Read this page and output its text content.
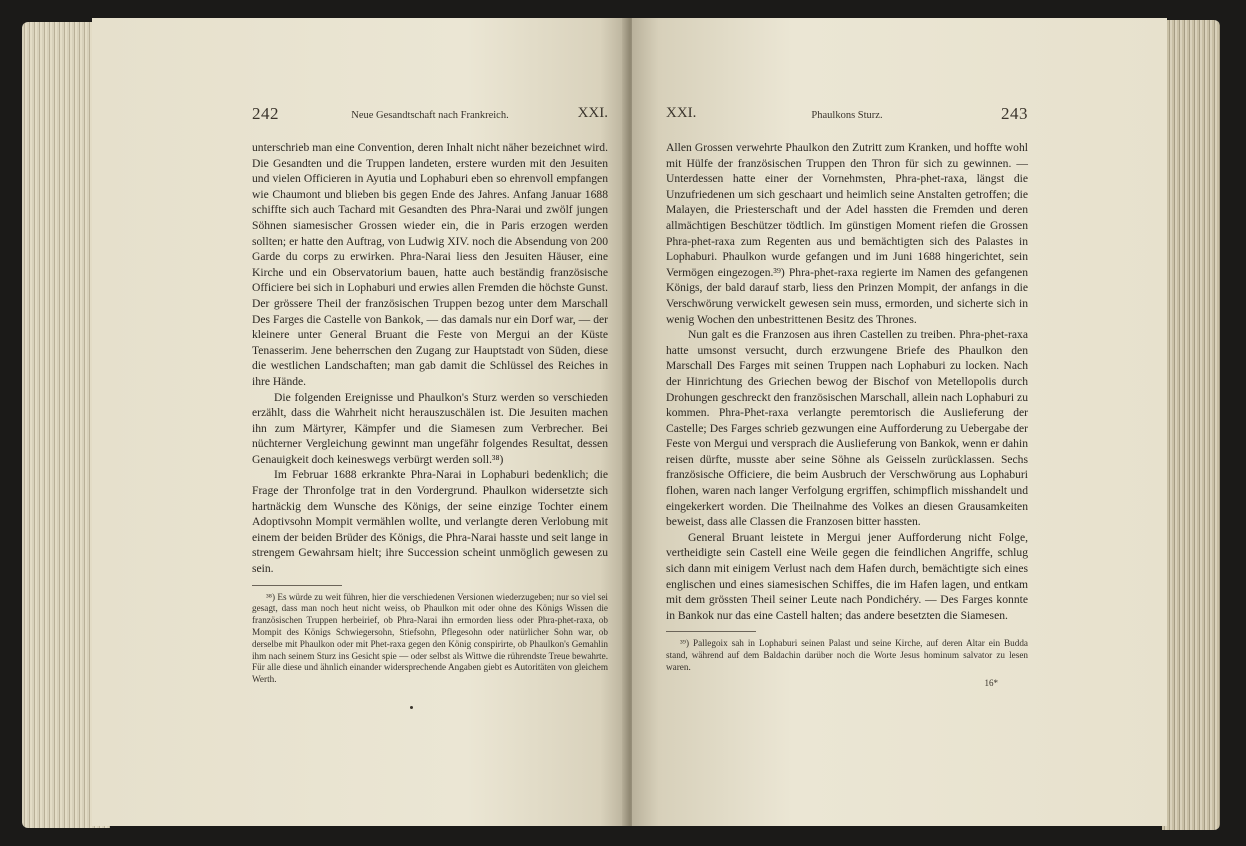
242	Neue Gesandtschaft nach Frankreich.	XXI.

unterschrieb man eine Convention, deren Inhalt nicht näher bezeichnet wird. Die Gesandten und die Truppen landeten, erstere wurden mit den Jesuiten und vielen Officieren in Ayutia und Lophaburi eben so ehrenvoll empfangen wie Chaumont und blieben bis gegen Ende des Jahres. Anfang Januar 1688 schiffte sich auch Tachard mit Gesandten des Phra-Narai und zwölf jungen Söhnen siamesischer Grossen wieder ein, die in Paris erzogen werden sollten; er hatte den Auftrag, von Ludwig XIV. noch die Absendung von 200 Garde du corps zu erwirken. Phra-Narai liess den Jesuiten Häuser, eine Kirche und ein Observatorium bauen, hatte auch beständig französische Officiere bei sich in Lophaburi und erwies allen Fremden die höchste Gunst. Der grössere Theil der französischen Truppen bezog unter dem Marschall Des Farges die Castelle von Bankok, — das damals nur ein Dorf war, — der kleinere unter General Bruant die Feste von Mergui an der Küste Tenasserim. Jene beherrschen den Zugang zur Hauptstadt von Süden, diese die westlichen Landschaften; man gab damit die Schlüssel des Reiches in ihre Hände.

Die folgenden Ereignisse und Phaulkon's Sturz werden so verschieden erzählt, dass die Wahrheit nicht herauszuschälen ist. Die Jesuiten machen ihn zum Märtyrer, Kämpfer und die Siamesen zum Verbrecher. Bei nüchterner Vergleichung gewinnt man ungefähr folgendes Resultat, dessen Genauigkeit doch keineswegs verbürgt werden soll.³⁸)

Im Februar 1688 erkrankte Phra-Narai in Lophaburi bedenklich; die Frage der Thronfolge trat in den Vordergrund. Phaulkon widersetzte sich hartnäckig dem Wunsche des Königs, der seine einzige Tochter einem Adoptivsohn Mompit vermählen wollte, und verlangte deren Verlobung mit einem der beiden Brüder des Königs, die Phra-Narai hasste und seit lange in strengem Gewahrsam hielt; ihre Succession scheint unmöglich gewesen zu sein.

³⁸) Es würde zu weit führen, hier die verschiedenen Versionen wiederzugeben; nur so viel sei gesagt, dass man noch heut nicht weiss, ob Phaulkon mit oder ohne des Königs Wissen die französischen Truppen herbeirief, ob Phra-Narai ihn ermorden liess oder Phra-phet-raxa, ob Mompit des Königs Schwiegersohn, Stiefsohn, Pflegesohn oder natürlicher Sohn war, ob derselbe mit Phaulkon oder mit Phet-raxa gegen den König conspirirte, ob Phaulkon's Gemahlin ihm nach seinem Sturz ins Gesicht spie — oder selbst als Wittwe die rührendste Treue bewahrte. Für alle diese und ähnlich einander widersprechende Angaben giebt es Autoritäten von gleichem Werth.

XXI.	Phaulkons Sturz.	243

Allen Grossen verwehrte Phaulkon den Zutritt zum Kranken, und hoffte wohl mit Hülfe der französischen Truppen den Thron für sich zu gewinnen. — Unterdessen hatte einer der Vornehmsten, Phra-phet-raxa, längst die Unzufriedenen um sich geschaart und heimlich seine Anstalten getroffen; die Malayen, die Priesterschaft und der Adel hassten die Fremden und deren allmächtigen Beschützer tödtlich. Im günstigen Moment riefen die Grossen Phra-phet-raxa zum Regenten aus und bemächtigten sich des Palastes in Lophaburi. Phaulkon wurde gefangen und im Juni 1688 hingerichtet, sein Vermögen eingezogen.³⁹) Phra-phet-raxa regierte im Namen des gefangenen Königs, der bald darauf starb, liess den Prinzen Mompit, der anfangs in die Verschwörung verwickelt gewesen sein muss, ermorden, und sicherte sich in wenig Wochen den unbestrittenen Besitz des Thrones.

Nun galt es die Franzosen aus ihren Castellen zu treiben. Phra-phet-raxa hatte umsonst versucht, durch erzwungene Briefe des Phaulkon den Marschall Des Farges mit seinen Truppen nach Lophaburi zu locken. Nach der Hinrichtung des Griechen bewog der Bischof von Metellopolis durch Drohungen geschreckt den französischen Marschall, allein nach Lophaburi zu kommen. Phra-Phet-raxa verlangte peremtorisch die Auslieferung der Castelle; Des Farges schrieb gezwungen eine Aufforderung zu Uebergabe der Feste von Mergui und versprach die Auslieferung von Bankok, wenn er dahin reisen dürfte, musste aber seine Söhne als Geisseln zurücklassen. Sechs französische Officiere, die beim Ausbruch der Verschwörung aus Lophaburi flohen, waren nach langer Verfolgung ergriffen, schimpflich misshandelt und eingekerkert worden. Die Theilnahme des Volkes an diesen Grausamkeiten beweist, dass alle Classen die Franzosen bitter hassten.

General Bruant leistete in Mergui jener Aufforderung nicht Folge, vertheidigte sein Castell eine Weile gegen die feindlichen Angriffe, schlug sich dann mit einigem Verlust nach dem Hafen durch, bemächtigte sich eines englischen und eines siamesischen Schiffes, die im Hafen lagen, und entkam mit dem grössten Theil seiner Leute nach Pondichéry. — Des Farges konnte in Bankok nur das eine Castell halten; das andere besetzten die Siamesen.

³⁹) Pallegoix sah in Lophaburi seinen Palast und seine Kirche, auf deren Altar ein Budda stand, während auf dem Baldachin darüber noch die Worte Jesus hominum salvator zu lesen waren.

16*
